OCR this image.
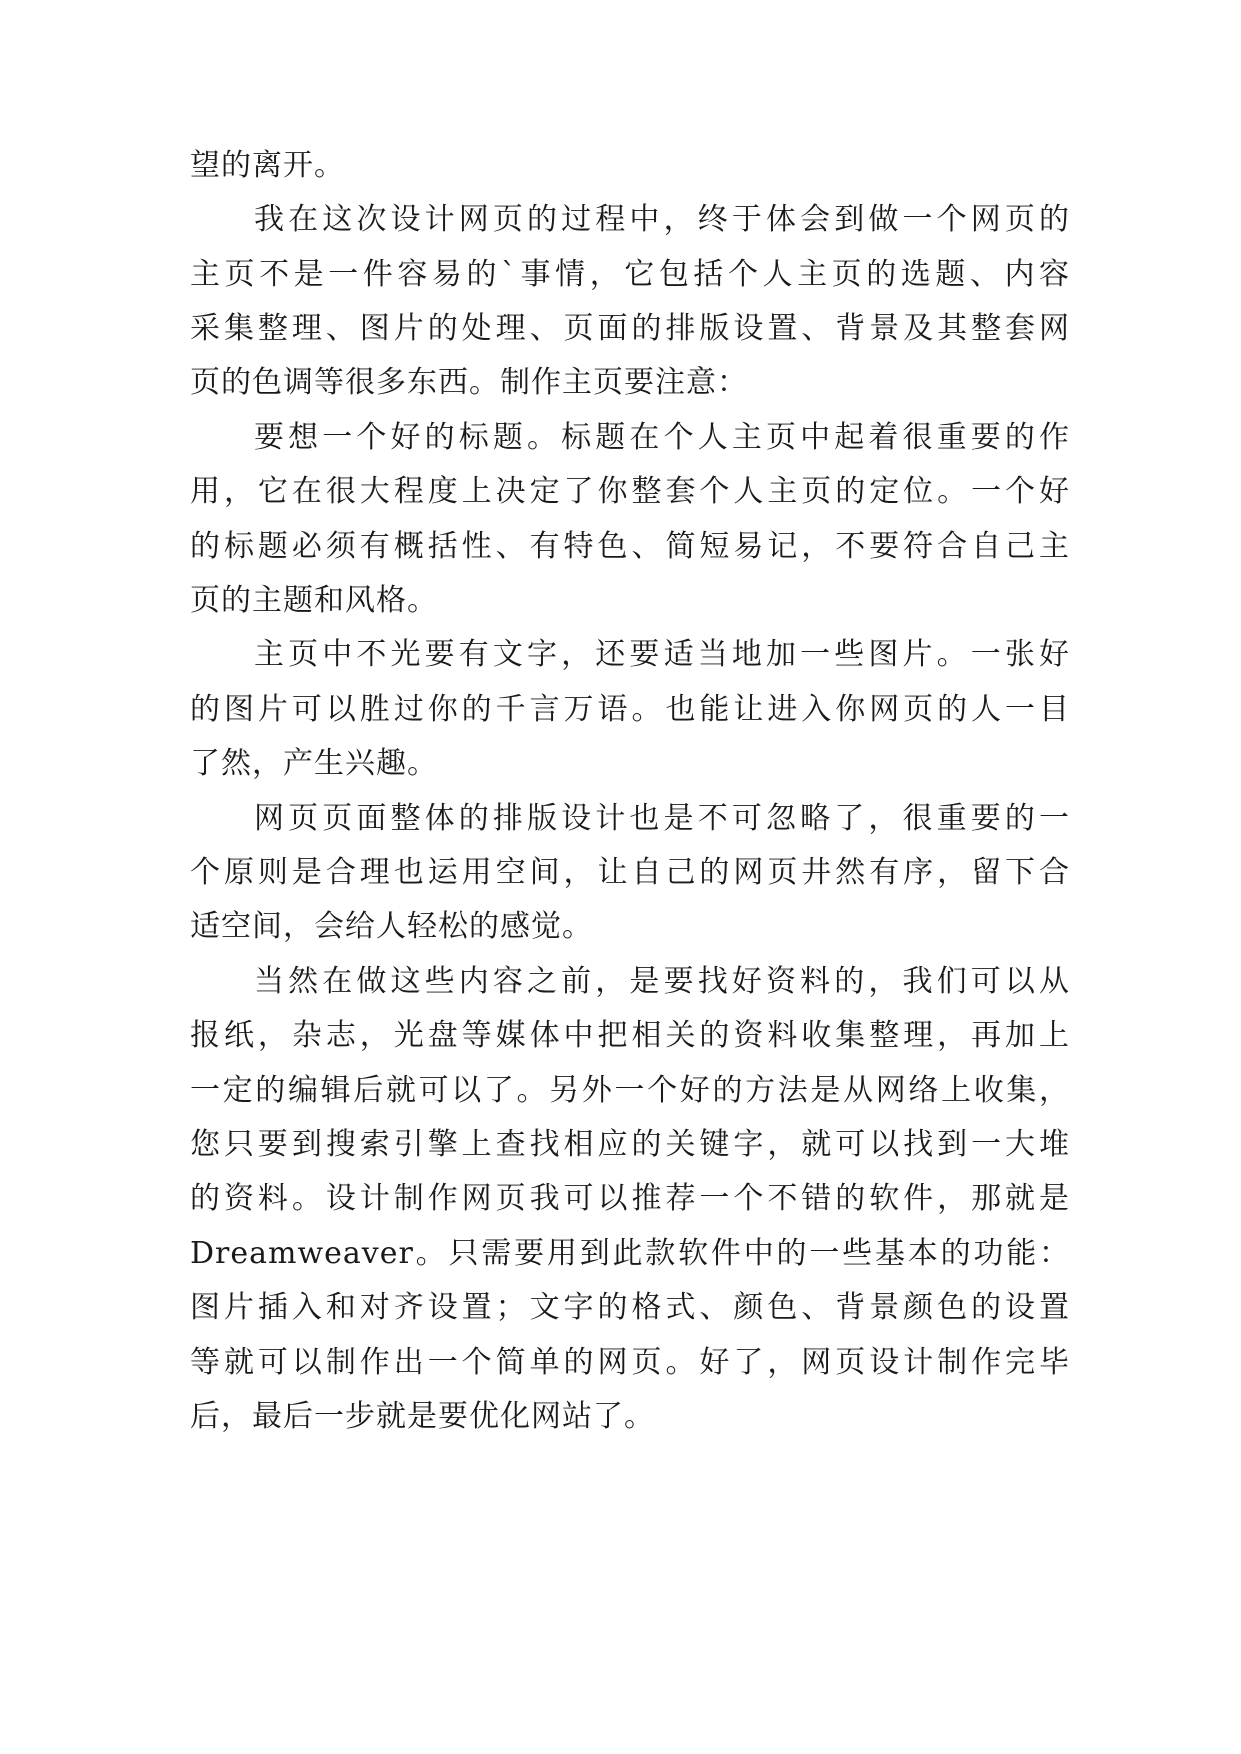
望的离开。
我在这次设计网页的过程中，终于体会到做一个网页的
主页不是一件容易的`事情，它包括个人主页的选题、内容
采集整理、图片的处理、页面的排版设置、背景及其整套网
页的色调等很多东西。制作主页要注意：
要想一个好的标题。标题在个人主页中起着很重要的作
用，它在很大程度上决定了你整套个人主页的定位。一个好
的标题必须有概括性、有特色、简短易记，不要符合自己主
页的主题和风格。
主页中不光要有文字，还要适当地加一些图片。一张好
的图片可以胜过你的千言万语。也能让进入你网页的人一目
了然，产生兴趣。
网页页面整体的排版设计也是不可忽略了，很重要的一
个原则是合理也运用空间，让自己的网页井然有序，留下合
适空间，会给人轻松的感觉。
当然在做这些内容之前，是要找好资料的，我们可以从
报纸，杂志，光盘等媒体中把相关的资料收集整理，再加上
一定的编辑后就可以了。另外一个好的方法是从网络上收集，
您只要到搜索引擎上查找相应的关键字，就可以找到一大堆
的资料。设计制作网页我可以推荐一个不错的软件，那就是
Dreamweaver。只需要用到此款软件中的一些基本的功能：
图片插入和对齐设置；文字的格式、颜色、背景颜色的设置
等就可以制作出一个简单的网页。好了，网页设计制作完毕
后，最后一步就是要优化网站了。
